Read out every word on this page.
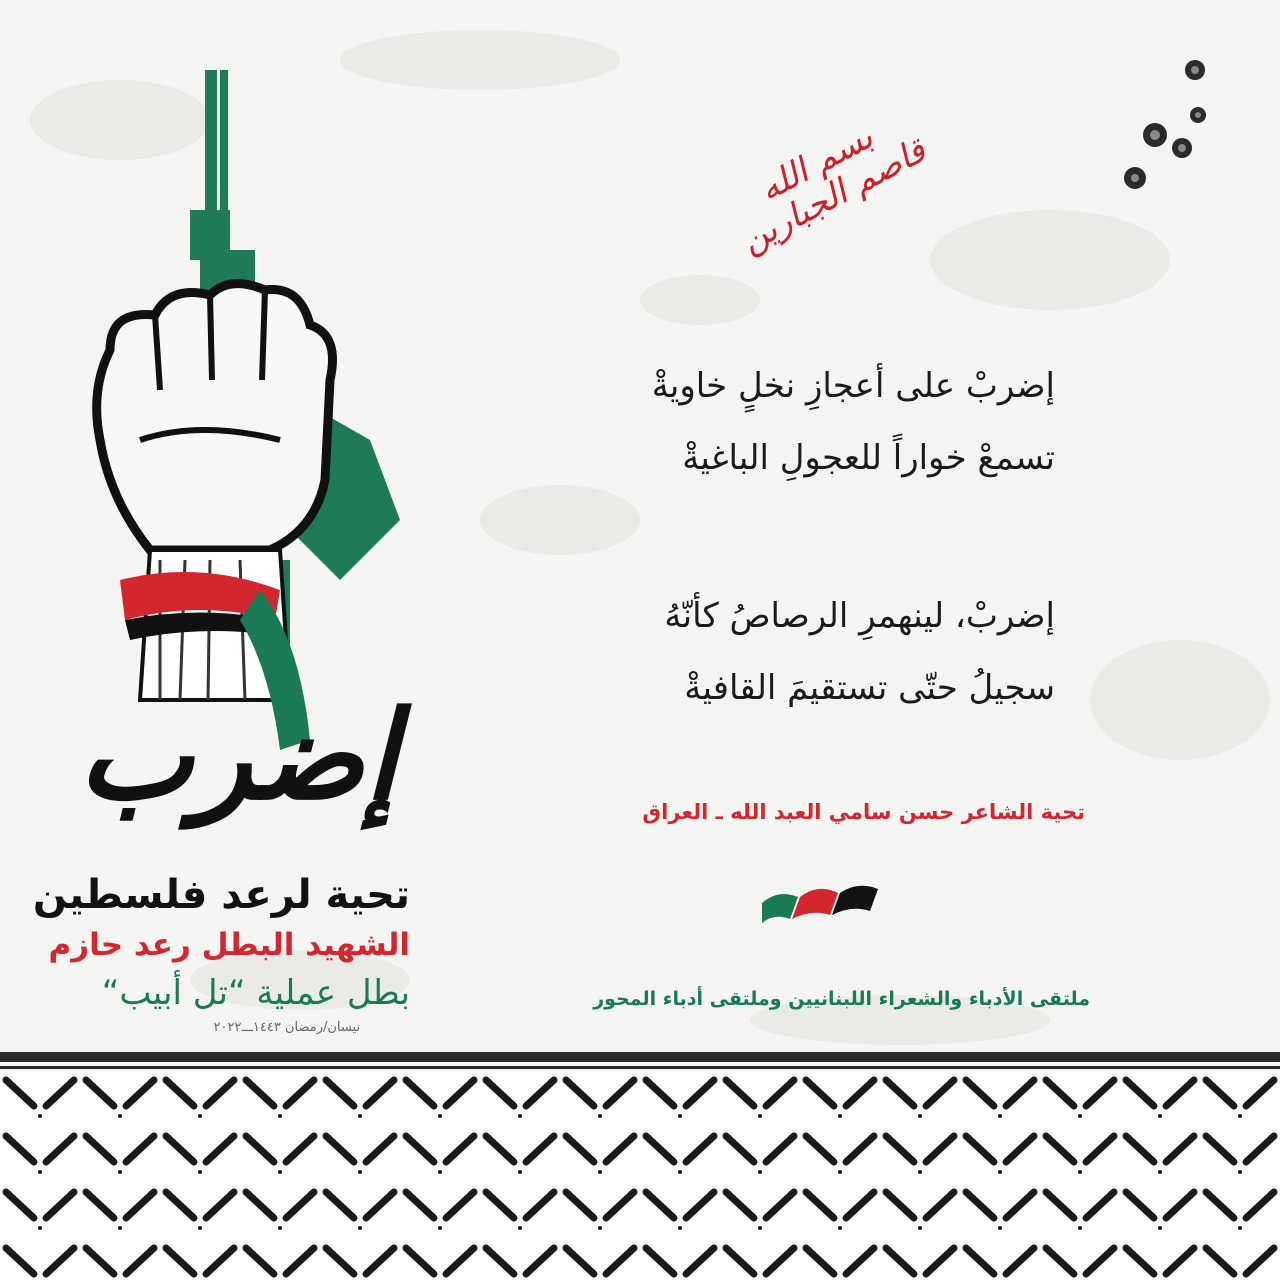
بسم الله قاصم الجبارين
إضربْ على أعجازِ نخلٍ خاويةْ
تسمعْ خواراً للعجولِ الباغيةْ
إضربْ، لينهمرِ الرصاصُ كأنّهُ
سجيلُ حتّى تستقيمَ القافيةْ
تحية الشاعر حسن سامي العبد الله ـ العراق
ملتقى الأدباء والشعراء اللبنانيين وملتقى أدباء المحور
إضرب
تحية لرعد فلسطين
الشهيد البطل رعد حازم
بطل عملية “تل أبيب“
نيسان/رمضان ١٤٤٣ـــ٢٠٢٢
